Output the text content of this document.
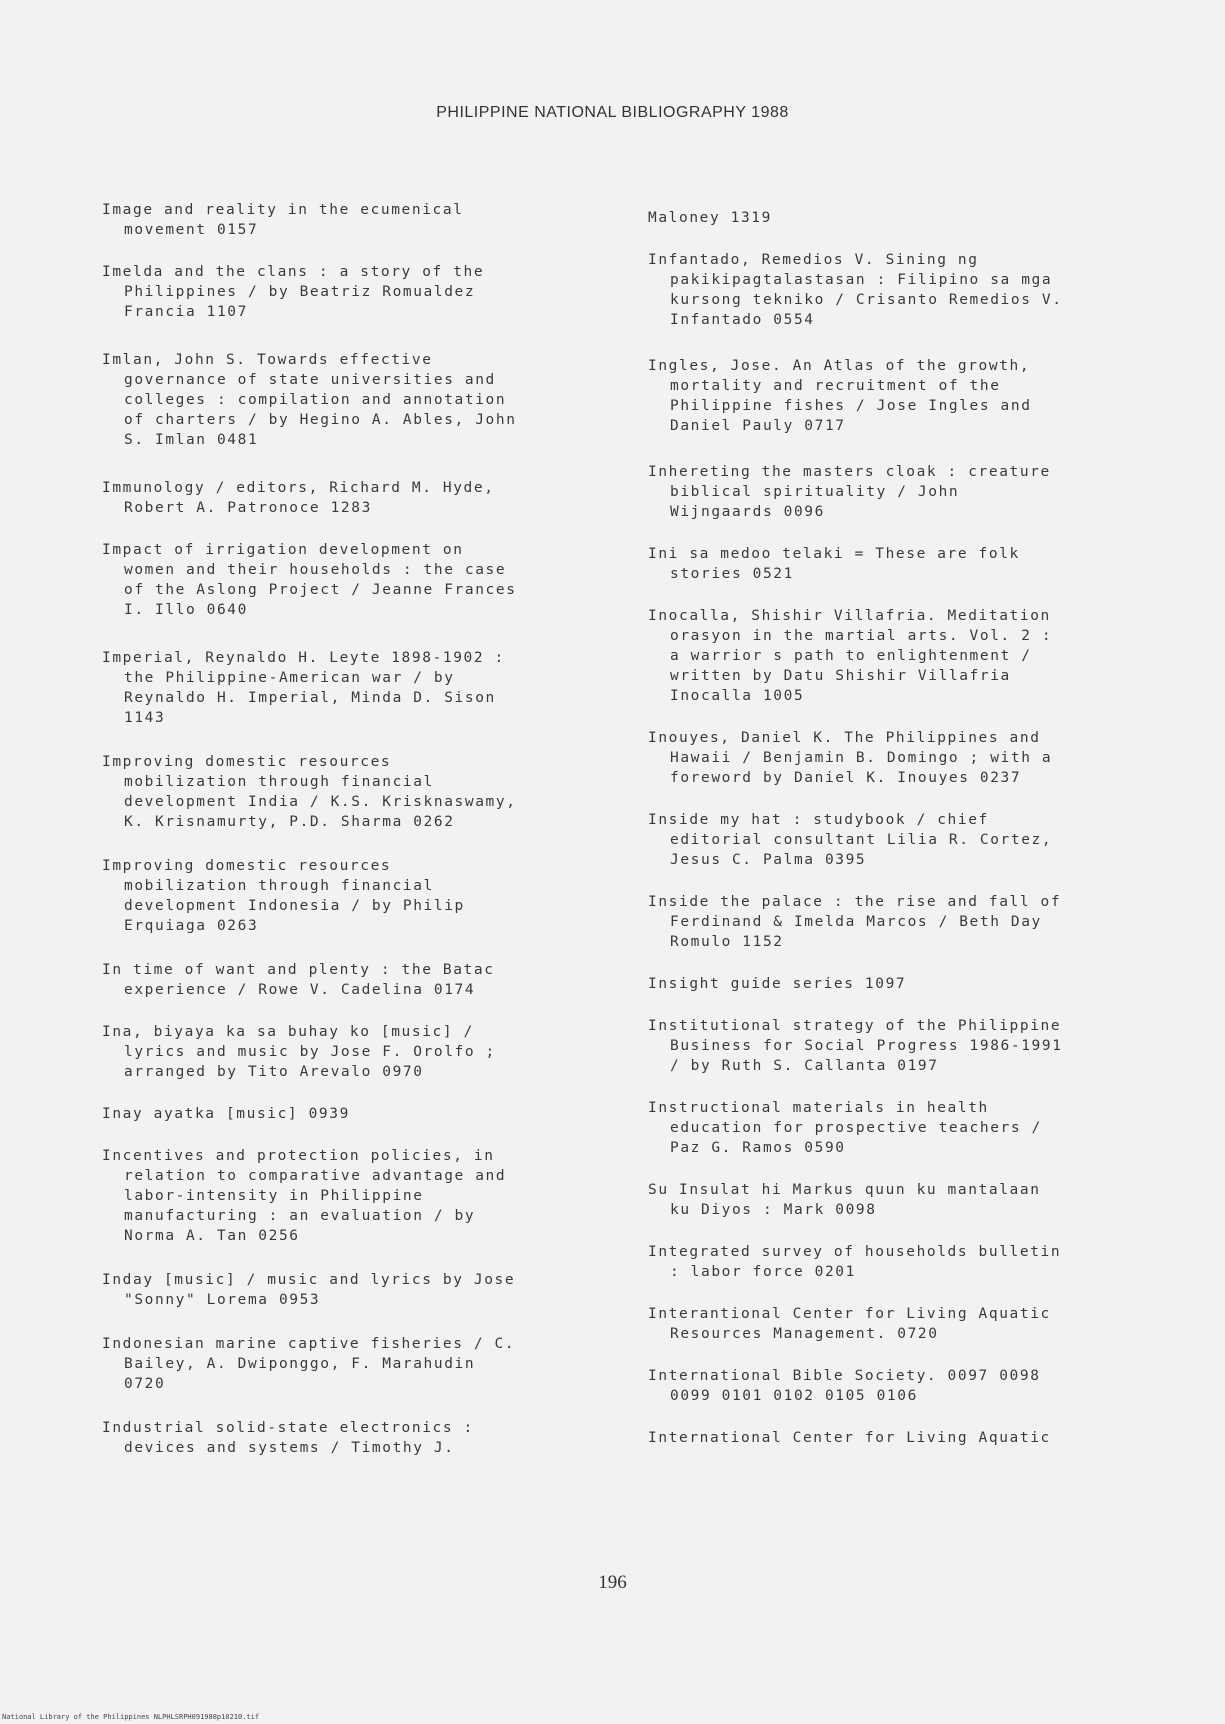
PHILIPPINE NATIONAL BIBLIOGRAPHY 1988

Image and reality in the ecumenical
movement 0157

Imelda and the clans : a story of the
Philippines / by Beatriz Romualdez
Francia 1107

Imlan, John S. Towards effective
governance of state universities and
colleges : compilation and annotation
of charters / by Hegino A. Ables, John
S. Imlan 0481

Immunology / editors, Richard M. Hyde,
Robert A. Patronoce 1283

Impact of irrigation development on
women and their households : the case
of the Aslong Project / Jeanne Frances
I. Illo 0640

Imperial, Reynaldo H. Leyte 1898-1902 :
the Philippine-American war / by
Reynaldo H. Imperial, Minda D. Sison
1143

Improving domestic resources
mobilization through financial
development India / K.S. Krisknaswamy,
K. Krisnamurty, P.D. Sharma 0262

Improving domestic resources
mobilization through financial
development Indonesia / by Philip
Erquiaga 0263

In time of want and plenty : the Batac
experience / Rowe V. Cadelina 0174

Ina, biyaya ka sa buhay ko [music] /
lyrics and music by Jose F. Orolfo ;
arranged by Tito Arevalo 0970

Inay ayatka [music] 0939

Incentives and protection policies, in
relation to comparative advantage and
labor-intensity in Philippine
manufacturing : an evaluation / by
Norma A. Tan 0256

Inday [music] / music and lyrics by Jose
"Sonny" Lorema 0953

Indonesian marine captive fisheries / C.
Bailey, A. Dwiponggo, F. Marahudin
0720

Industrial solid-state electronics :
devices and systems / Timothy J.

Maloney 1319

Infantado, Remedios V. Sining ng
pakikipagtalastasan : Filipino sa mga
kursong tekniko / Crisanto Remedios V.
Infantado 0554

Ingles, Jose. An Atlas of the growth,
mortality and recruitment of the
Philippine fishes / Jose Ingles and
Daniel Pauly 0717

Inhereting the masters cloak : creature
biblical spirituality / John
Wijngaards 0096

Ini sa medoo telaki = These are folk
stories 0521

Inocalla, Shishir Villafria. Meditation
orasyon in the martial arts. Vol. 2 :
a warrior s path to enlightenment /
written by Datu Shishir Villafria
Inocalla 1005

Inouyes, Daniel K. The Philippines and
Hawaii / Benjamin B. Domingo ; with a
foreword by Daniel K. Inouyes 0237

Inside my hat : studybook / chief
editorial consultant Lilia R. Cortez,
Jesus C. Palma 0395

Inside the palace : the rise and fall of
Ferdinand & Imelda Marcos / Beth Day
Romulo 1152

Insight guide series 1097

Institutional strategy of the Philippine
Business for Social Progress 1986-1991
/ by Ruth S. Callanta 0197

Instructional materials in health
education for prospective teachers /
Paz G. Ramos 0590

Su Insulat hi Markus quun ku mantalaan
ku Diyos : Mark 0098

Integrated survey of households bulletin
: labor force 0201

Interantional Center for Living Aquatic
Resources Management. 0720

International Bible Society. 0097 0098
0099 0101 0102 0105 0106

International Center for Living Aquatic

196
National Library of the Philippines NLPHLSRPH091988p10210.tif
